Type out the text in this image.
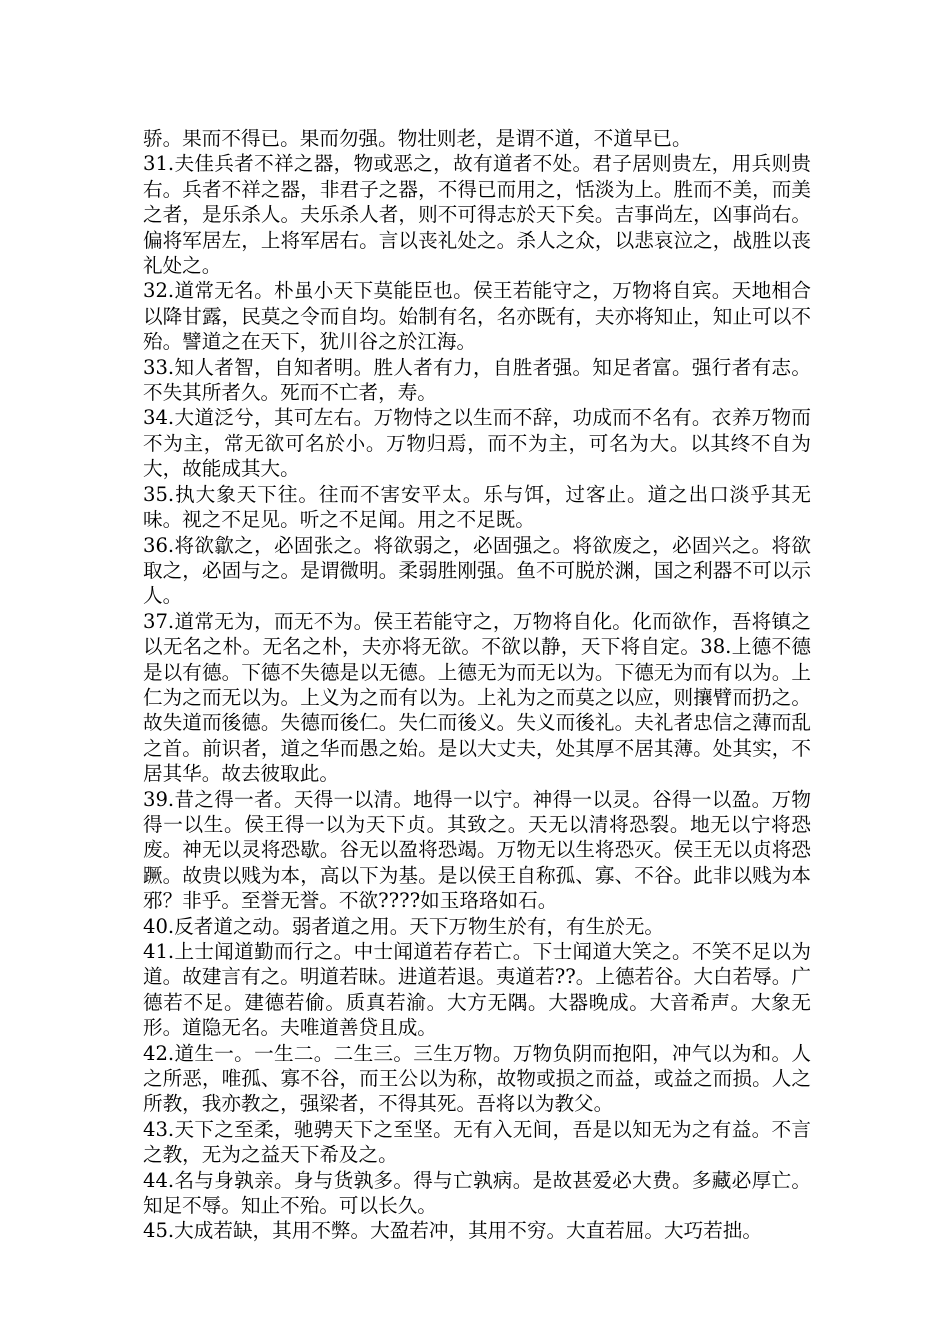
骄。果而不得已。果而勿强。物壮则老，是谓不道，不道早已。

31.夫佳兵者不祥之器，物或恶之，故有道者不处。君子居则贵左，用兵则贵右。兵者不祥之器，非君子之器，不得已而用之，恬淡为上。胜而不美，而美之者，是乐杀人。夫乐杀人者，则不可得志於天下矣。吉事尚左，凶事尚右。偏将军居左，上将军居右。言以丧礼处之。杀人之众，以悲哀泣之，战胜以丧礼处之。

32.道常无名。朴虽小天下莫能臣也。侯王若能守之，万物将自宾。天地相合以降甘露，民莫之令而自均。始制有名，名亦既有，夫亦将知止，知止可以不殆。譬道之在天下，犹川谷之於江海。

33.知人者智，自知者明。胜人者有力，自胜者强。知足者富。强行者有志。不失其所者久。死而不亡者，寿。

34.大道泛兮，其可左右。万物恃之以生而不辞，功成而不名有。衣养万物而不为主，常无欲可名於小。万物归焉，而不为主，可名为大。以其终不自为大，故能成其大。

35.执大象天下往。往而不害安平太。乐与饵，过客止。道之出口淡乎其无味。视之不足见。听之不足闻。用之不足既。

36.将欲歙之，必固张之。将欲弱之，必固强之。将欲废之，必固兴之。将欲取之，必固与之。是谓微明。柔弱胜刚强。鱼不可脱於渊，国之利器不可以示人。

37.道常无为，而无不为。侯王若能守之，万物将自化。化而欲作，吾将镇之以无名之朴。无名之朴，夫亦将无欲。不欲以静，天下将自定。38.上德不德是以有德。下德不失德是以无德。上德无为而无以为。下德无为而有以为。上仁为之而无以为。上义为之而有以为。上礼为之而莫之以应，则攘臂而扔之。故失道而後德。失德而後仁。失仁而後义。失义而後礼。夫礼者忠信之薄而乱之首。前识者，道之华而愚之始。是以大丈夫，处其厚不居其薄。处其实，不居其华。故去彼取此。

39.昔之得一者。天得一以清。地得一以宁。神得一以灵。谷得一以盈。万物得一以生。侯王得一以为天下贞。其致之。天无以清将恐裂。地无以宁将恐废。神无以灵将恐歇。谷无以盈将恐竭。万物无以生将恐灭。侯王无以贞将恐蹶。故贵以贱为本，高以下为基。是以侯王自称孤、寡、不谷。此非以贱为本邪？非乎。至誉无誉。不欲????如玉珞珞如石。

40.反者道之动。弱者道之用。天下万物生於有，有生於无。

41.上士闻道勤而行之。中士闻道若存若亡。下士闻道大笑之。不笑不足以为道。故建言有之。明道若昧。进道若退。夷道若??。上德若谷。大白若辱。广德若不足。建德若偷。质真若渝。大方无隅。大器晚成。大音希声。大象无形。道隐无名。夫唯道善贷且成。

42.道生一。一生二。二生三。三生万物。万物负阴而抱阳，冲气以为和。人之所恶，唯孤、寡不谷，而王公以为称，故物或损之而益，或益之而损。人之所教，我亦教之，强梁者，不得其死。吾将以为教父。

43.天下之至柔，驰骋天下之至坚。无有入无间，吾是以知无为之有益。不言之教，无为之益天下希及之。

44.名与身孰亲。身与货孰多。得与亡孰病。是故甚爱必大费。多藏必厚亡。知足不辱。知止不殆。可以长久。

45.大成若缺，其用不弊。大盈若冲，其用不穷。大直若屈。大巧若拙。
